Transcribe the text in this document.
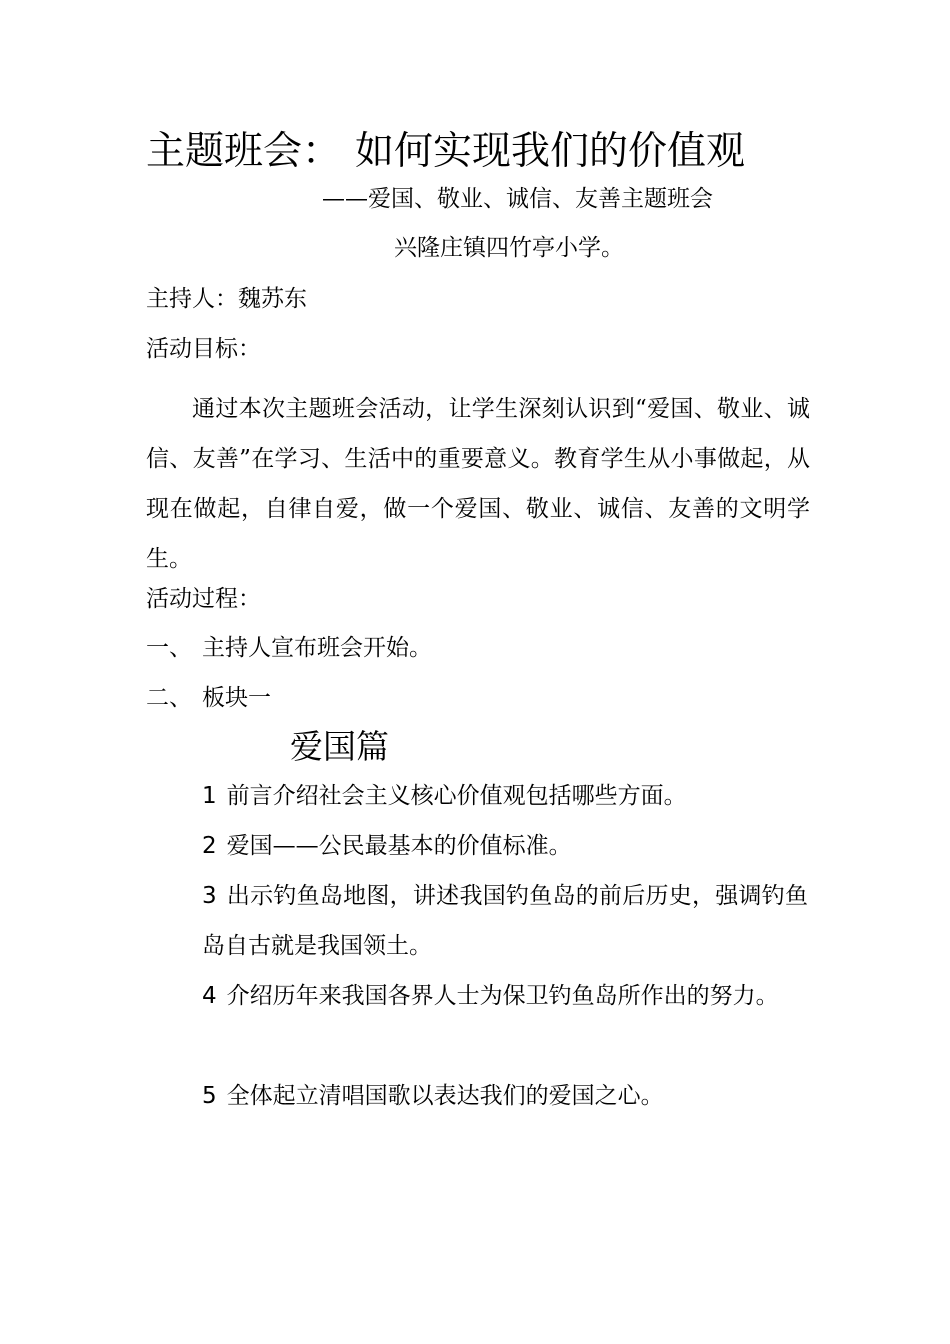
主题班会： 如何实现我们的价值观

——爱国、敬业、诚信、友善主题班会

兴隆庄镇四竹亭小学。

主持人：魏苏东

活动目标：

通过本次主题班会活动，让学生深刻认识到“爱国、敬业、诚信、友善”在学习、生活中的重要意义。教育学生从小事做起，从现在做起，自律自爱，做一个爱国、敬业、诚信、友善的文明学生。

活动过程：

一、 主持人宣布班会开始。

二、 板块一

爱国篇

1 前言介绍社会主义核心价值观包括哪些方面。

2 爱国——公民最基本的价值标准。

3 出示钓鱼岛地图，讲述我国钓鱼岛的前后历史，强调钓鱼岛自古就是我国领土。

4 介绍历年来我国各界人士为保卫钓鱼岛所作出的努力。

5 全体起立清唱国歌以表达我们的爱国之心。
